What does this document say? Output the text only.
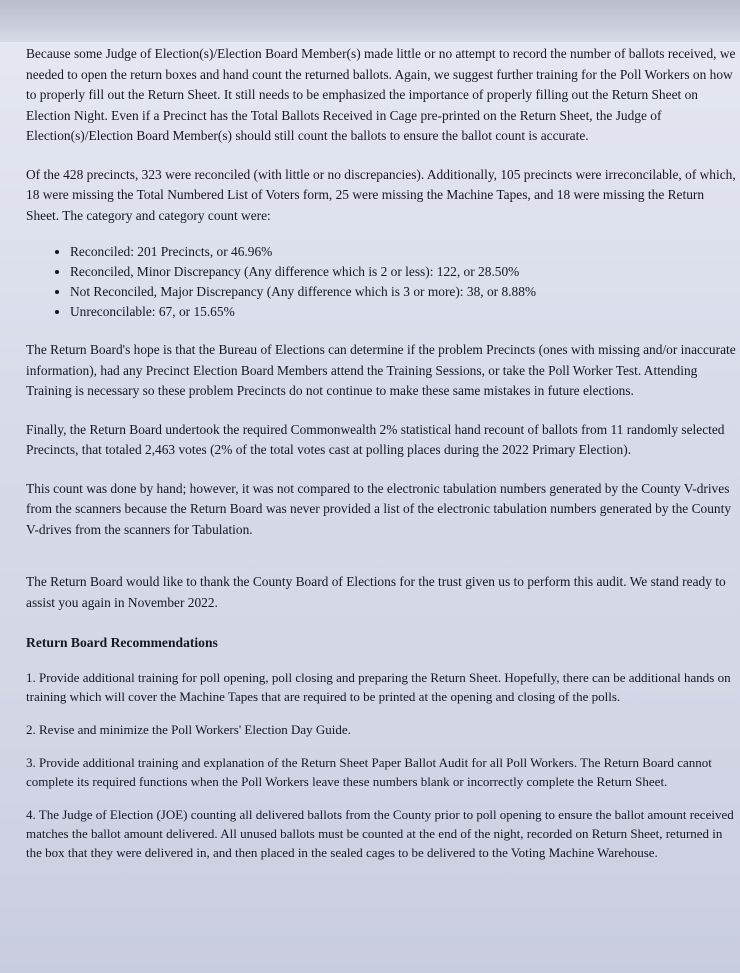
Because some Judge of Election(s)/Election Board Member(s) made little or no attempt to record the number of ballots received, we needed to open the return boxes and hand count the returned ballots. Again, we suggest further training for the Poll Workers on how to properly fill out the Return Sheet. It still needs to be emphasized the importance of properly filling out the Return Sheet on Election Night. Even if a Precinct has the Total Ballots Received in Cage pre-printed on the Return Sheet, the Judge of Election(s)/Election Board Member(s) should still count the ballots to ensure the ballot count is accurate.

Of the 428 precincts, 323 were reconciled (with little or no discrepancies). Additionally, 105 precincts were irreconcilable, of which, 18 were missing the Total Numbered List of Voters form, 25 were missing the Machine Tapes, and 18 were missing the Return Sheet. The category and category count were:

• Reconciled: 201 Precincts, or 46.96%
• Reconciled, Minor Discrepancy (Any difference which is 2 or less): 122, or 28.50%
• Not Reconciled, Major Discrepancy (Any difference which is 3 or more): 38, or 8.88%
• Unreconcilable: 67, or 15.65%

The Return Board's hope is that the Bureau of Elections can determine if the problem Precincts (ones with missing and/or inaccurate information), had any Precinct Election Board Members attend the Training Sessions, or take the Poll Worker Test. Attending Training is necessary so these problem Precincts do not continue to make these same mistakes in future elections.

Finally, the Return Board undertook the required Commonwealth 2% statistical hand recount of ballots from 11 randomly selected Precincts, that totaled 2,463 votes (2% of the total votes cast at polling places during the 2022 Primary Election).

This count was done by hand; however, it was not compared to the electronic tabulation numbers generated by the County V-drives from the scanners because the Return Board was never provided a list of the electronic tabulation numbers generated by the County V-drives from the scanners for Tabulation.

The Return Board would like to thank the County Board of Elections for the trust given us to perform this audit. We stand ready to assist you again in November 2022.

Return Board Recommendations

1. Provide additional training for poll opening, poll closing and preparing the Return Sheet. Hopefully, there can be additional hands on training which will cover the Machine Tapes that are required to be printed at the opening and closing of the polls.

2. Revise and minimize the Poll Workers' Election Day Guide.

3. Provide additional training and explanation of the Return Sheet Paper Ballot Audit for all Poll Workers. The Return Board cannot complete its required functions when the Poll Workers leave these numbers blank or incorrectly complete the Return Sheet.

4. The Judge of Election (JOE) counting all delivered ballots from the County prior to poll opening to ensure the ballot amount received matches the ballot amount delivered. All unused ballots must be counted at the end of the night, recorded on Return Sheet, returned in the box that they were delivered in, and then placed in the sealed cages to be delivered to the Voting Machine Warehouse.
